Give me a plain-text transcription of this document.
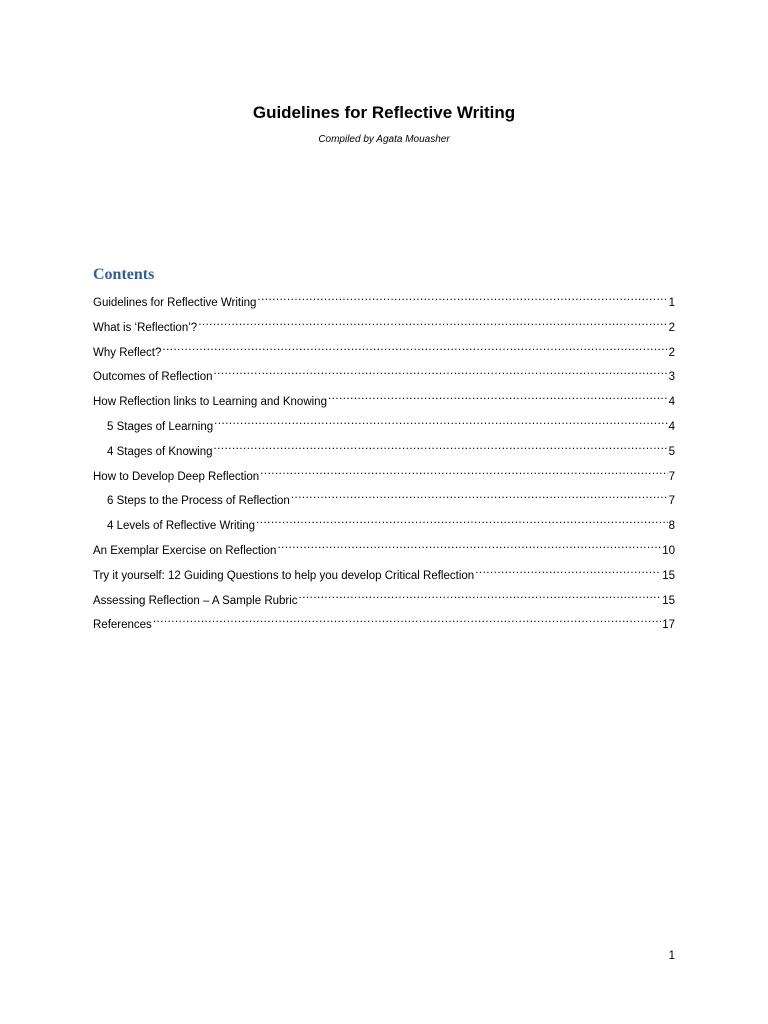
Guidelines for Reflective Writing

Compiled by Agata Mouasher

Contents
Guidelines for Reflective Writing .....	1
What is ‘Reflection’? .....	2
Why Reflect? .....	2
Outcomes of Reflection .....	3
How Reflection links to Learning and Knowing .....	4
5 Stages of Learning .....	4
4 Stages of Knowing .....	5
How to Develop Deep Reflection .....	7
6 Steps to the Process of Reflection .....	7
4 Levels of Reflective Writing .....	8
An Exemplar Exercise on Reflection .....	10
Try it yourself: 12 Guiding Questions to help you develop Critical Reflection .....	15
Assessing Reflection – A Sample Rubric .....	15
References .....	17
1
